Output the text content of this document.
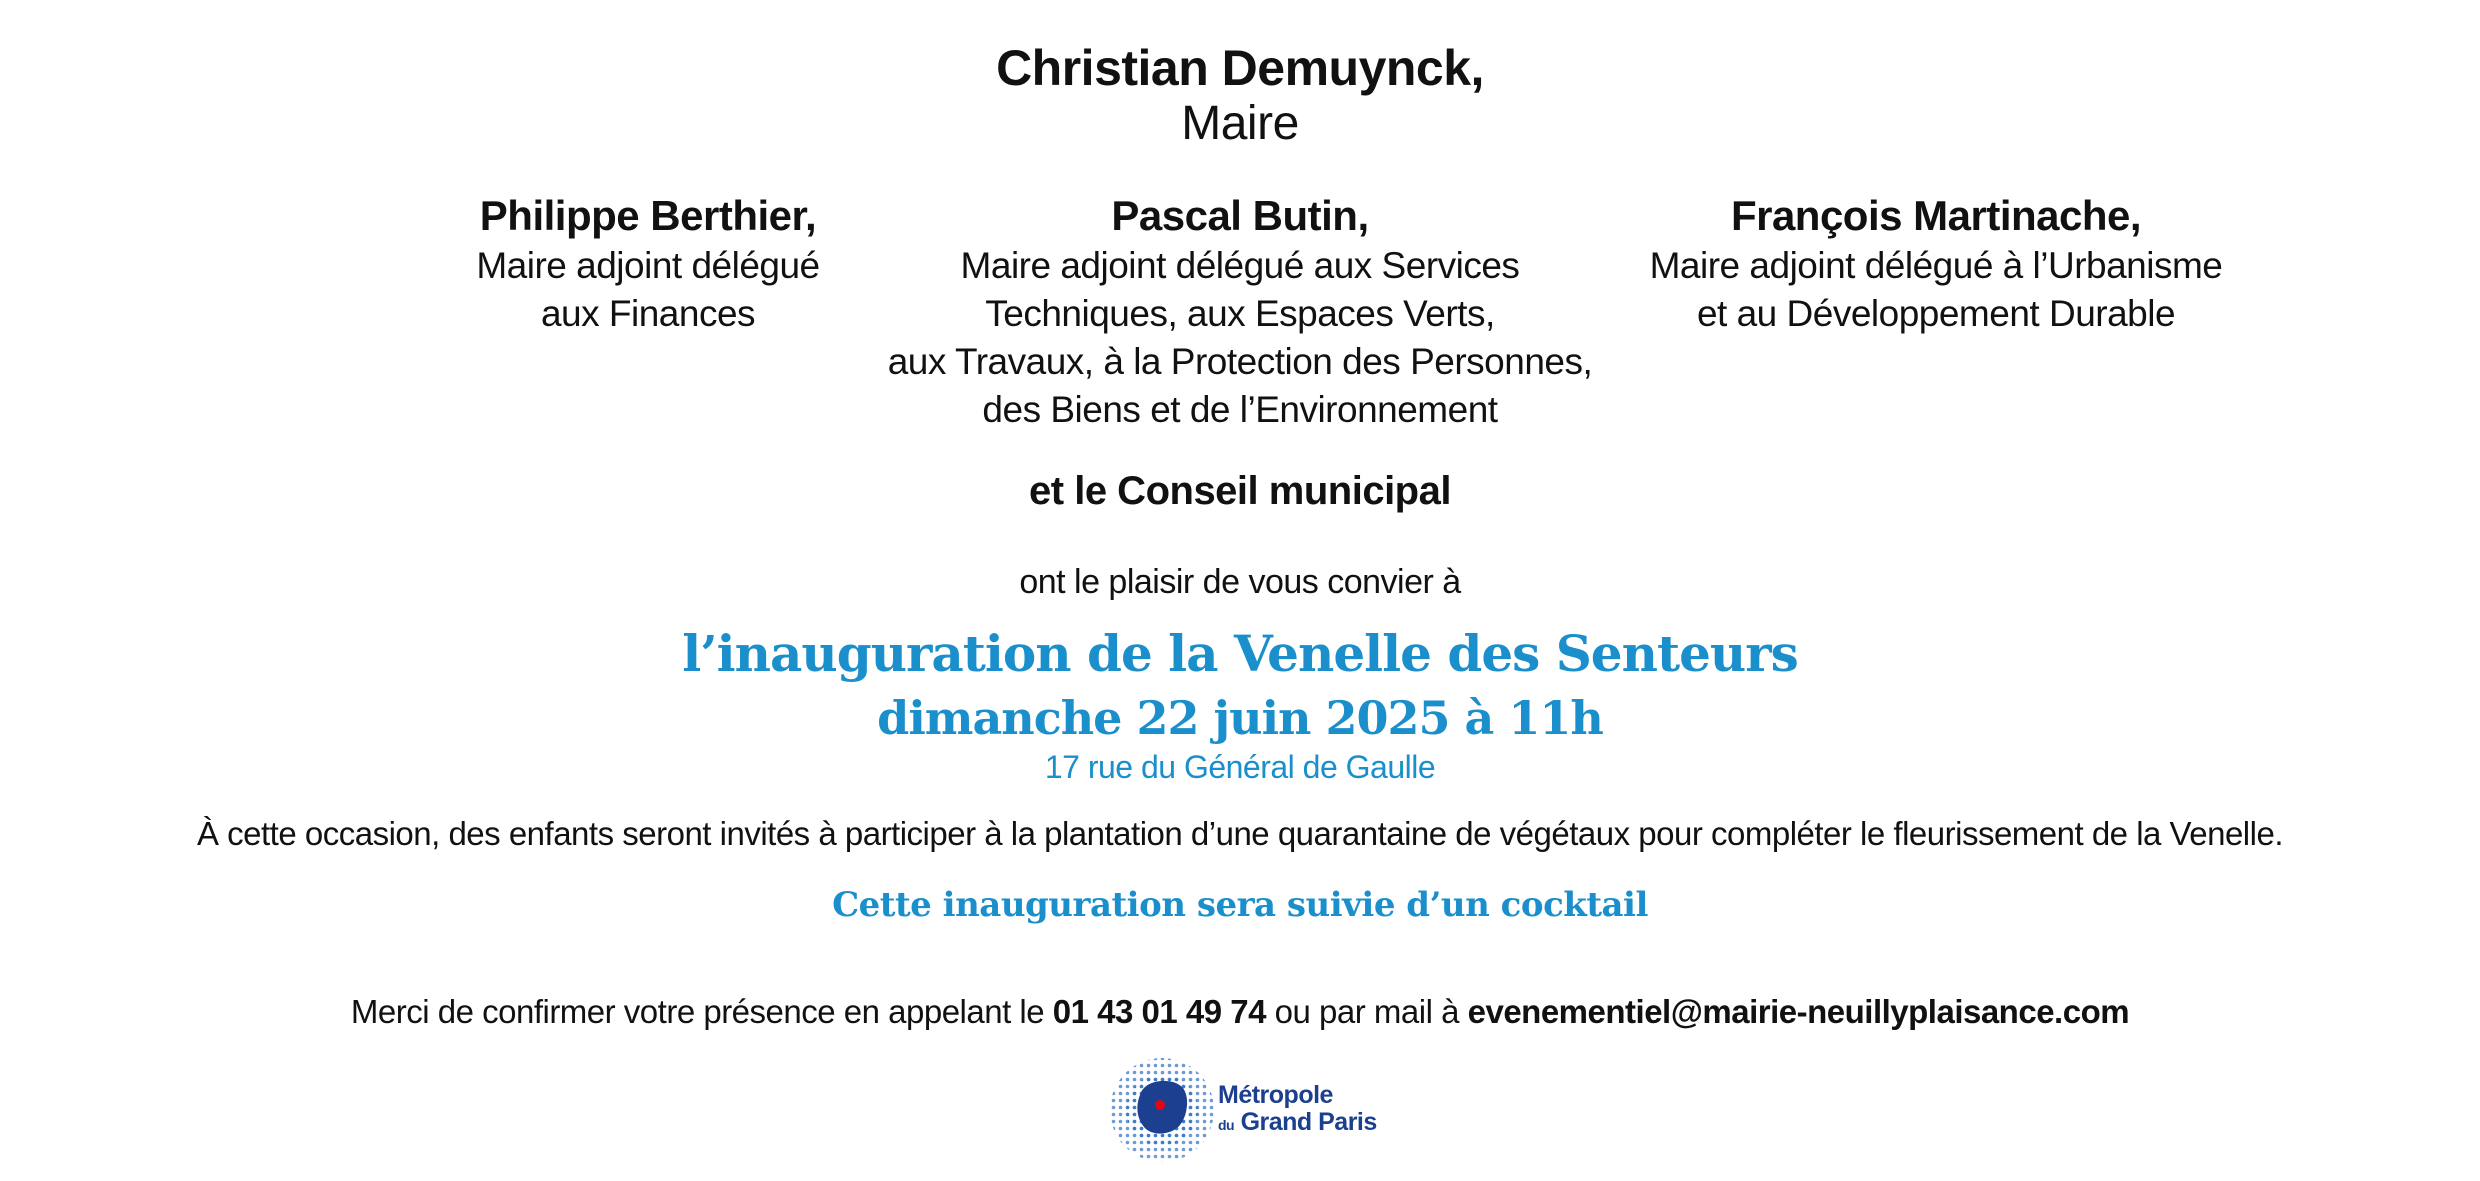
Christian Demuynck,
Maire
Philippe Berthier,
Maire adjoint délégué
aux Finances
Pascal Butin,
Maire adjoint délégué aux Services
Techniques, aux Espaces Verts,
aux Travaux, à la Protection des Personnes,
des Biens et de l’Environnement
François Martinache,
Maire adjoint délégué à l’Urbanisme
et au Développement Durable
et le Conseil municipal
ont le plaisir de vous convier à
l’inauguration de la Venelle des Senteurs
dimanche 22 juin 2025 à 11h
17 rue du Général de Gaulle
À cette occasion, des enfants seront invités à participer à la plantation d’une quarantaine de végétaux pour compléter le fleurissement de la Venelle.
Cette inauguration sera suivie d’un cocktail
Merci de confirmer votre présence en appelant le 01 43 01 49 74 ou par mail à evenementiel@mairie-neuillyplaisance.com
Métropole
du Grand Paris
